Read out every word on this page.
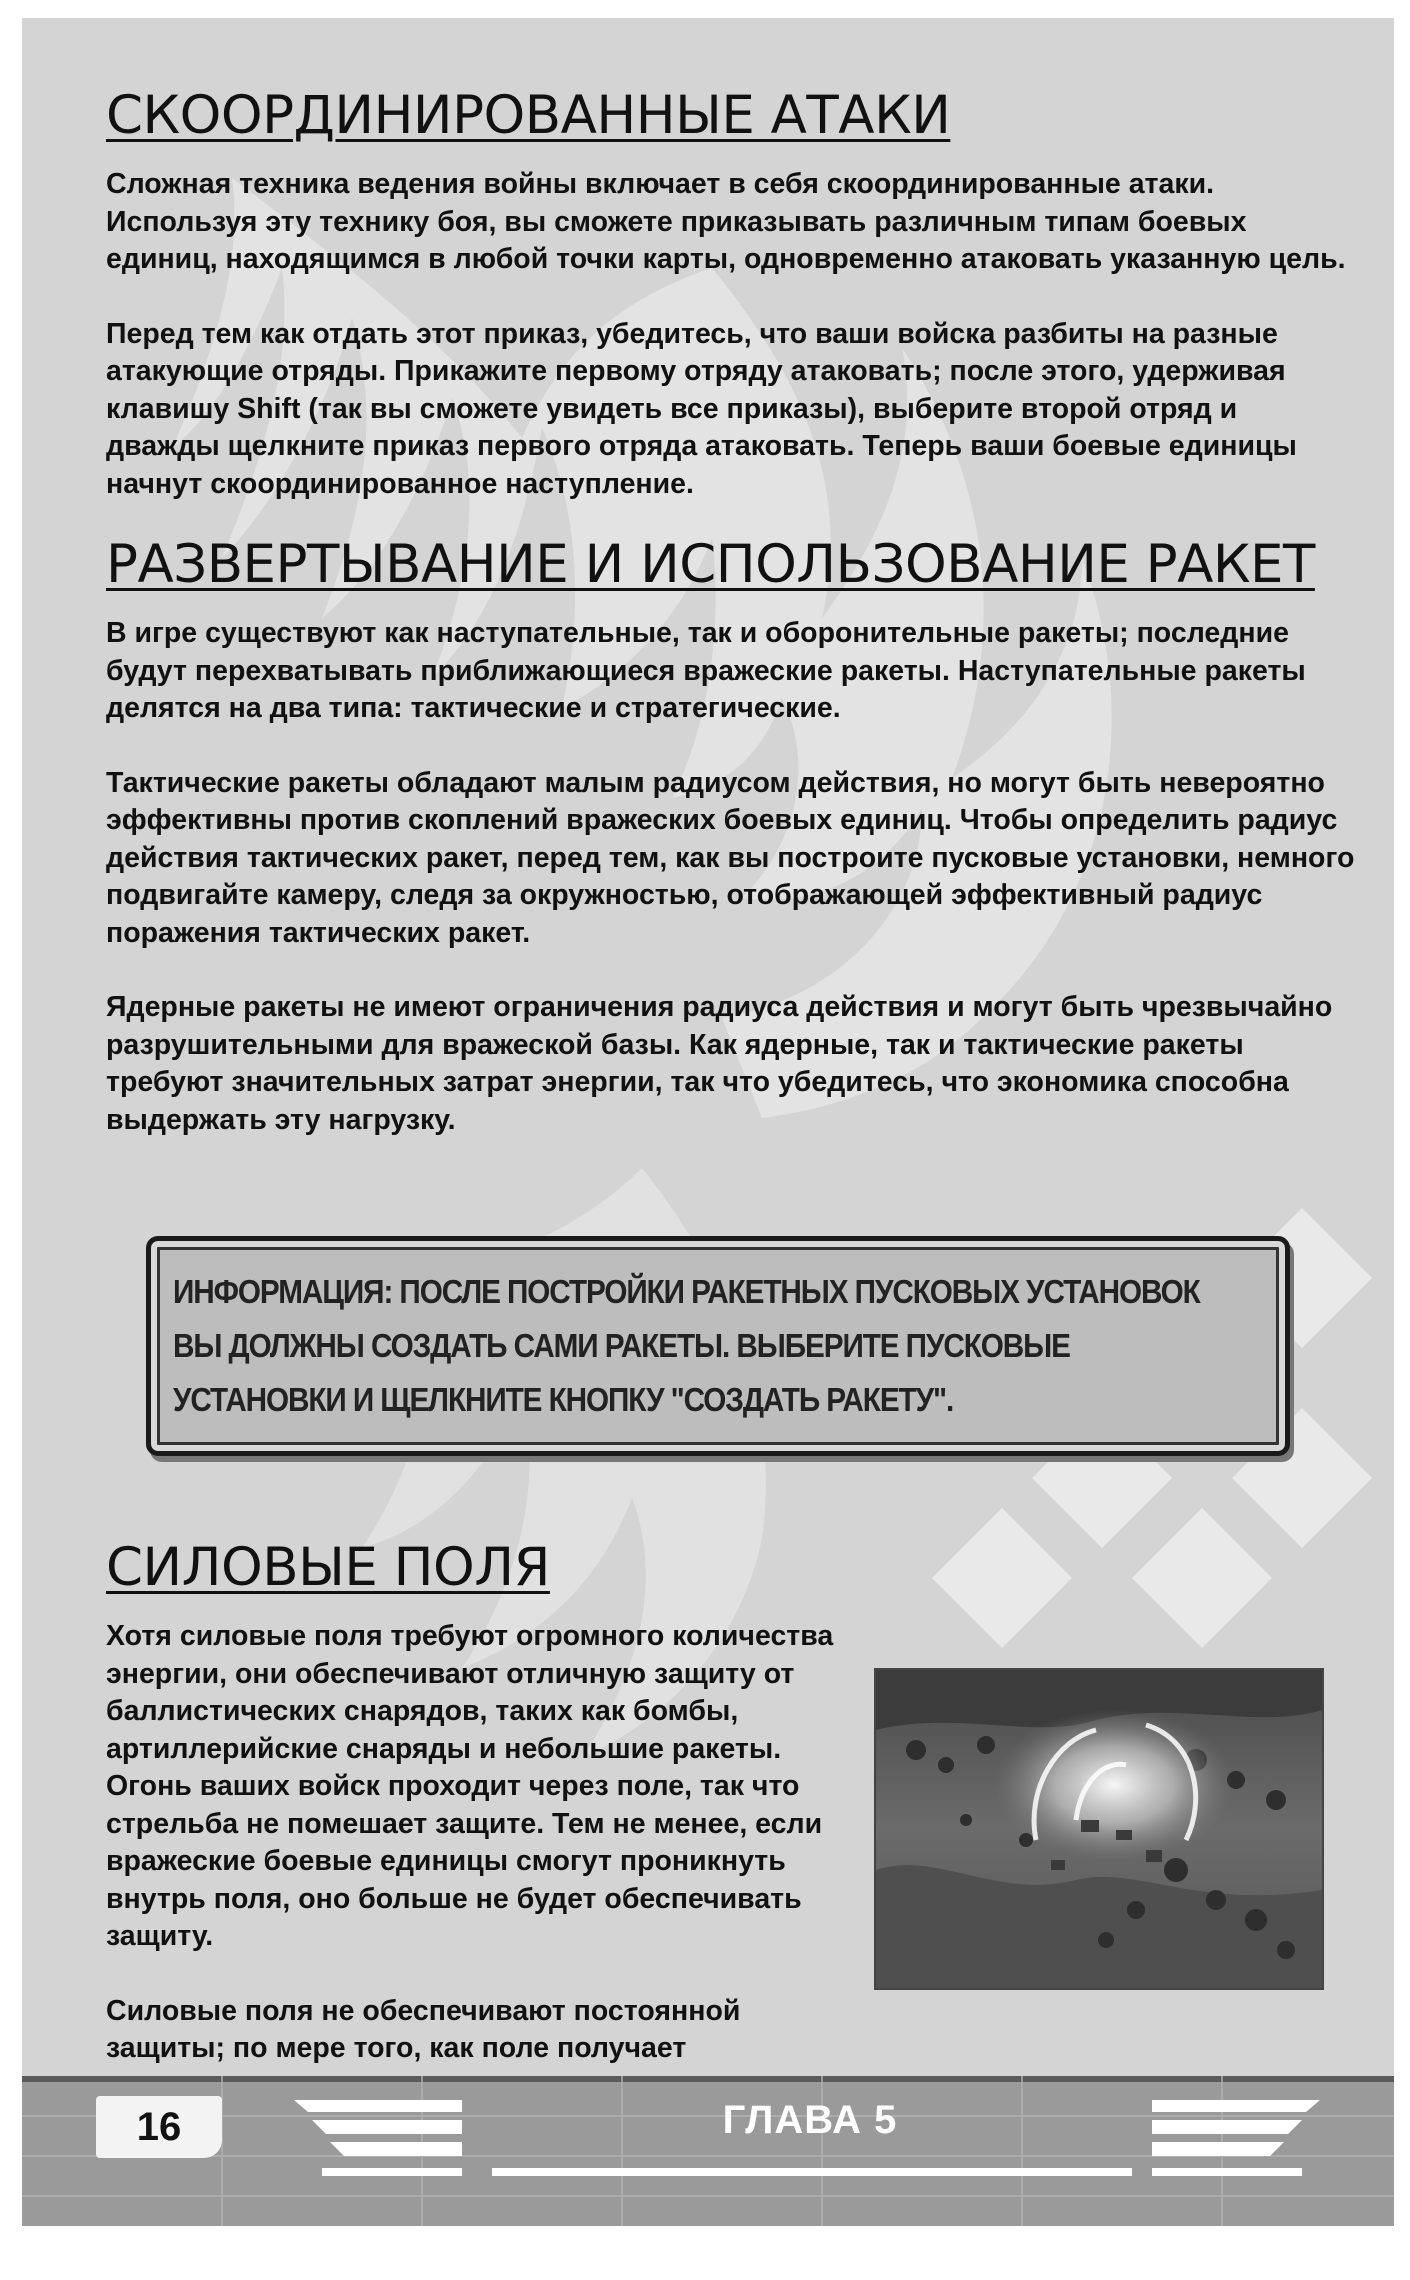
СКООРДИНИРОВАННЫЕ АТАКИ

Сложная техника ведения войны включает в себя скоординированные атаки. Используя эту технику боя, вы сможете приказывать различным типам боевых единиц, находящимся в любой точки карты, одновременно атаковать указанную цель.

Перед тем как отдать этот приказ, убедитесь, что ваши войска разбиты на разные атакующие отряды. Прикажите первому отряду атаковать; после этого, удерживая клавишу Shift (так вы сможете увидеть все приказы), выберите второй отряд и дважды щелкните приказ первого отряда атаковать. Теперь ваши боевые единицы начнут скоординированное наступление.

РАЗВЕРТЫВАНИЕ И ИСПОЛЬЗОВАНИЕ РАКЕТ

В игре существуют как наступательные, так и оборонительные ракеты; последние будут перехватывать приближающиеся вражеские ракеты. Наступательные ракеты делятся на два типа: тактические и стратегические.

Тактические ракеты обладают малым радиусом действия, но могут быть невероятно эффективны против скоплений вражеских боевых единиц. Чтобы определить радиус действия тактических ракет, перед тем, как вы построите пусковые установки, немного подвигайте камеру, следя за окружностью, отображающей эффективный радиус поражения тактических ракет.

Ядерные ракеты не имеют ограничения радиуса действия и могут быть чрезвычайно разрушительными для вражеской базы. Как ядерные, так и тактические ракеты требуют значительных затрат энергии, так что убедитесь, что экономика способна выдержать эту нагрузку.

ИНФОРМАЦИЯ: ПОСЛЕ ПОСТРОЙКИ РАКЕТНЫХ ПУСКОВЫХ УСТАНОВОК ВЫ ДОЛЖНЫ СОЗДАТЬ САМИ РАКЕТЫ. ВЫБЕРИТЕ ПУСКОВЫЕ УСТАНОВКИ И ЩЕЛКНИТЕ КНОПКУ "СОЗДАТЬ РАКЕТУ".
СИЛОВЫЕ ПОЛЯ

Хотя силовые поля требуют огромного количества энергии, они обеспечивают отличную защиту от баллистических снарядов, таких как бомбы, артиллерийские снаряды и небольшие ракеты. Огонь ваших войск проходит через поле, так что стрельба не помешает защите. Тем не менее, если вражеские боевые единицы смогут проникнуть внутрь поля, оно больше не будет обеспечивать защиту.

Силовые поля не обеспечивают постоянной защиты; по мере того, как поле получает

16	ГЛАВА 5
